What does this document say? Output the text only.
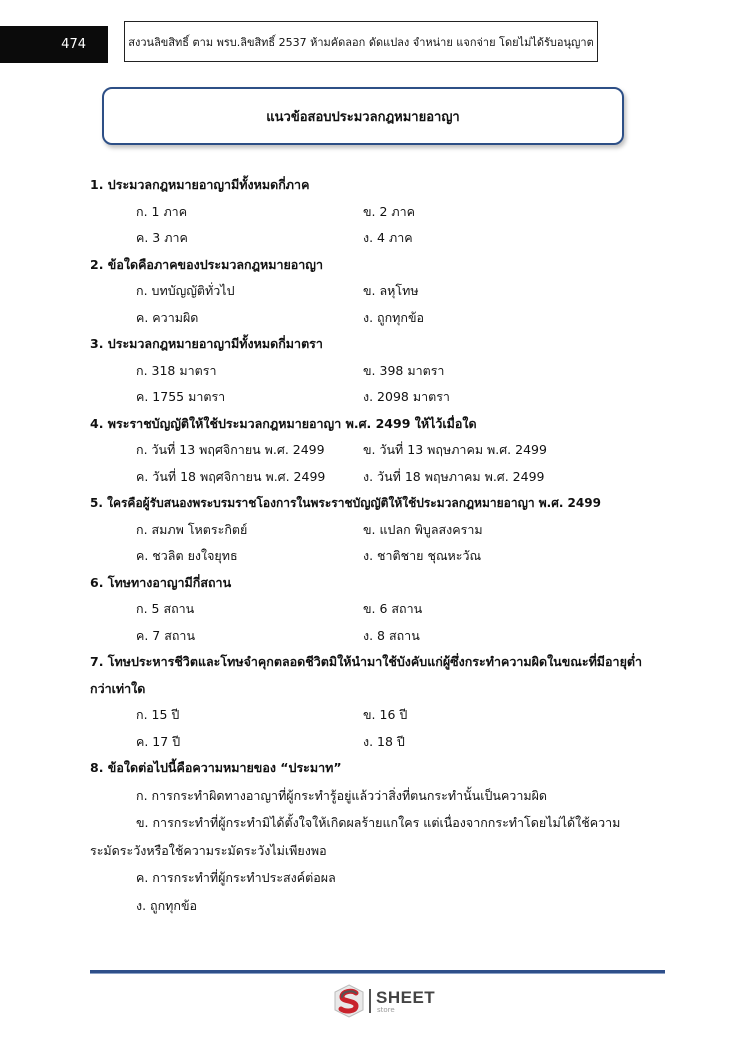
474	สงวนลิขสิทธิ์ ตาม พรบ.ลิขสิทธิ์ 2537 ห้ามคัดลอก ดัดแปลง จำหน่าย แจกจ่าย โดยไม่ได้รับอนุญาต
แนวข้อสอบประมวลกฎหมายอาญา
1. ประมวลกฎหมายอาญามีทั้งหมดกี่ภาค
ก. 1 ภาค	ข. 2 ภาค
ค. 3 ภาค	ง. 4 ภาค
2. ข้อใดคือภาคของประมวลกฎหมายอาญา
ก. บทบัญญัติทั่วไป	ข. ลหุโทษ
ค. ความผิด	ง. ถูกทุกข้อ
3. ประมวลกฎหมายอาญามีทั้งหมดกี่มาตรา
ก. 318 มาตรา	ข. 398 มาตรา
ค. 1755 มาตรา	ง. 2098 มาตรา
4. พระราชบัญญัติให้ใช้ประมวลกฎหมายอาญา พ.ศ. 2499 ให้ไว้เมื่อใด
ก. วันที่ 13 พฤศจิกายน พ.ศ. 2499	ข. วันที่ 13 พฤษภาคม พ.ศ. 2499
ค. วันที่ 18 พฤศจิกายน พ.ศ. 2499	ง. วันที่ 18 พฤษภาคม พ.ศ. 2499
5. ใครคือผู้รับสนองพระบรมราชโองการในพระราชบัญญัติให้ใช้ประมวลกฎหมายอาญา พ.ศ. 2499
ก. สมภพ โหตระกิตย์	ข. แปลก พิบูลสงคราม
ค. ชวลิต ยงใจยุทธ	ง. ชาติชาย ชุณหะวัณ
6. โทษทางอาญามีกี่สถาน
ก. 5 สถาน	ข. 6 สถาน
ค. 7 สถาน	ง. 8 สถาน
7. โทษประหารชีวิตและโทษจำคุกตลอดชีวิตมิให้นำมาใช้บังคับแก่ผู้ซึ่งกระทำความผิดในขณะที่มีอายุต่ำกว่าเท่าใด
ก. 15 ปี	ข. 16 ปี
ค. 17 ปี	ง. 18 ปี
8. ข้อใดต่อไปนี้คือความหมายของ “ประมาท”
ก. การกระทำผิดทางอาญาที่ผู้กระทำรู้อยู่แล้วว่าสิ่งที่ตนกระทำนั้นเป็นความผิด
ข. การกระทำที่ผู้กระทำมิได้ตั้งใจให้เกิดผลร้ายแกใคร แต่เนื่องจากกระทำโดยไม่ได้ใช้ความ
ระมัดระวังหรือใช้ความระมัดระวังไม่เพียงพอ
ค. การกระทำที่ผู้กระทำประสงค์ต่อผล
ง. ถูกทุกข้อ
SHEET
store
